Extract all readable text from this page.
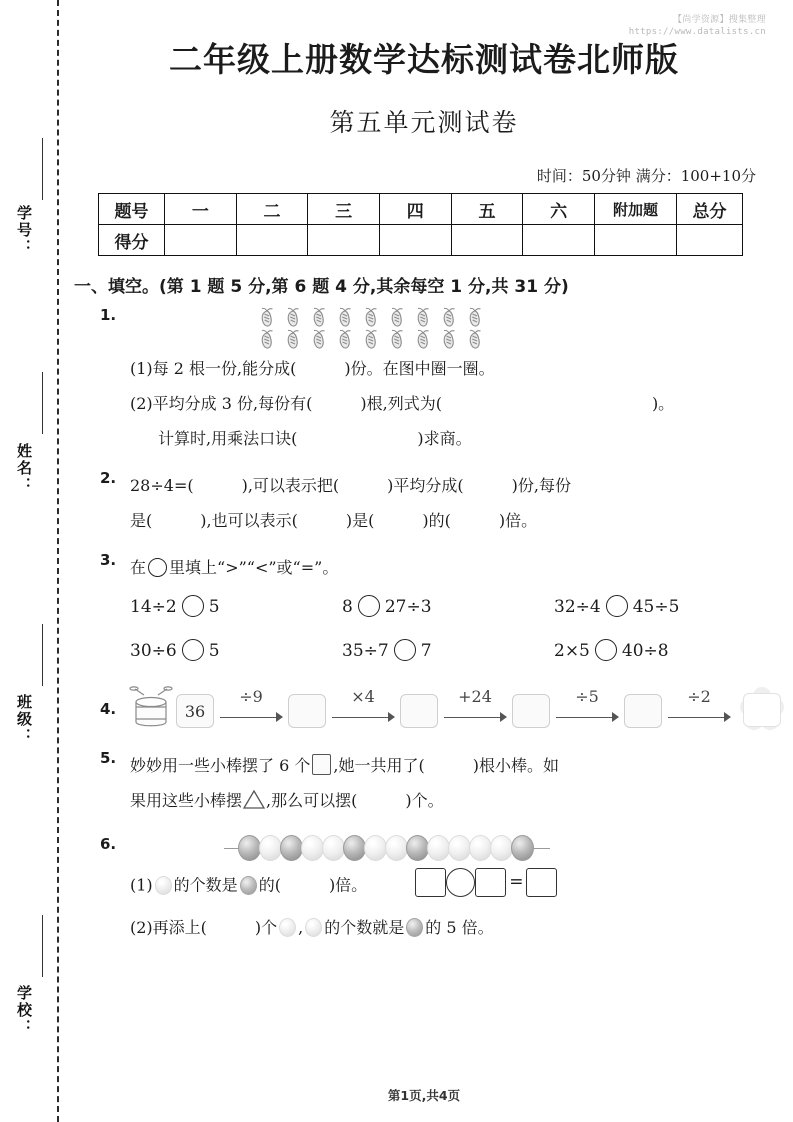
学号：
姓名：
班级：
学校：
【尚学资源】搜集整理
https://www.datalists.cn
二年级上册数学达标测试卷北师版
第五单元测试卷
时间：50分钟 满分：100+10分
题号	一	二	三	四	五	六	附加题	总分
得分								
一、填空。(第 1 题 5 分,第 6 题 4 分,其余每空 1 分,共 31 分)
1.
(1)每 2 根一份,能分成(	)份。在图中圈一圈。
(2)平均分成 3 份,每份有(	)根,列式为(	)。
计算时,用乘法口诀(	)求商。
2. 28÷4=(	),可以表示把(	)平均分成(	)份,每份
是(	),也可以表示(	)是(	)的(	)倍。
3. 在 里填上“>”“<”或“=”。
14÷2 5	8 27÷3	32÷4 45÷5
30÷6 5	35÷7 7	2×5 40÷8
4.	36
÷9	×4	+24	÷5	÷2
5. 妙妙用一些小棒摆了 6 个 ,她一共用了(	)根小棒。如
果用这些小棒摆 ,那么可以摆(	)个。
6.
(1) 的个数是 的(	)倍。	=
(2)再添上(	)个 , 的个数就是 的 5 倍。
第1页,共4页
